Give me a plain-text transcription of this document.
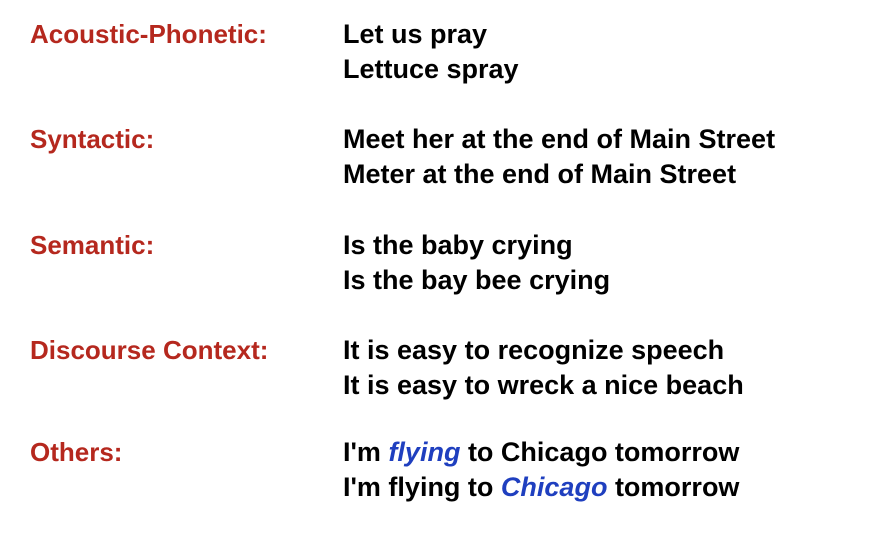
Acoustic-Phonetic:	Let us pray
Lettuce spray
Syntactic:	Meet her at the end of Main Street
Meter at the end of Main Street
Semantic:	Is the baby crying
Is the bay bee crying
Discourse Context:	It is easy to recognize speech
It is easy to wreck a nice beach
Others:	I'm flying to Chicago tomorrow
I'm flying to Chicago tomorrow
